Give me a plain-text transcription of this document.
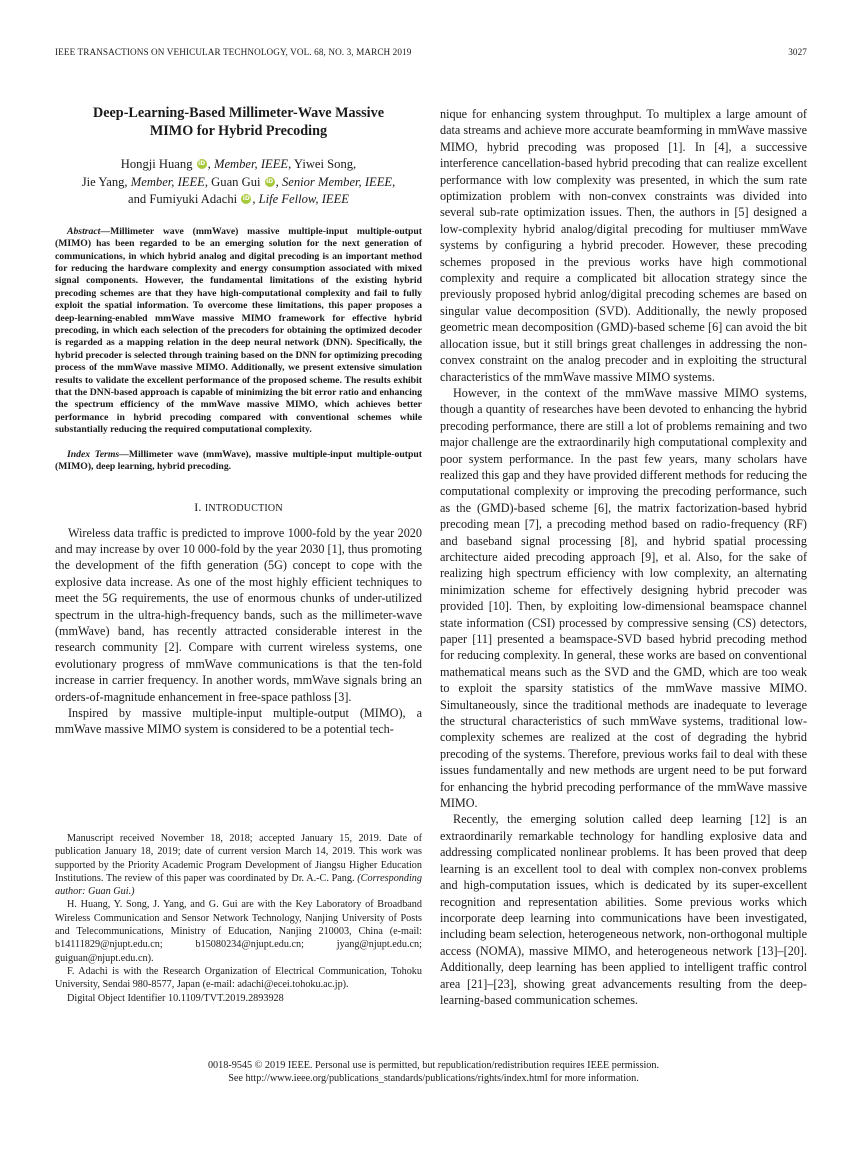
IEEE TRANSACTIONS ON VEHICULAR TECHNOLOGY, VOL. 68, NO. 3, MARCH 2019	3027
Deep-Learning-Based Millimeter-Wave Massive
MIMO for Hybrid Precoding
Hongji Huang iD , Member, IEEE, Yiwei Song,
Jie Yang, Member, IEEE, Guan Gui iD , Senior Member, IEEE,
and Fumiyuki Adachi iD , Life Fellow, IEEE

Abstract—Millimeter wave (mmWave) massive multiple-input multiple-output (MIMO) has been regarded to be an emerging solution for the next generation of communications, in which hybrid analog and digital precoding is an important method for reducing the hardware complexity and energy consumption associated with mixed signal components. However, the fundamental limitations of the existing hybrid precoding schemes are that they have high-computational complexity and fail to fully exploit the spatial information. To overcome these limitations, this paper proposes a deep-learning-enabled mmWave massive MIMO framework for effective hybrid precoding, in which each selection of the precoders for obtaining the optimized decoder is regarded as a mapping relation in the deep neural network (DNN). Specifically, the hybrid precoder is selected through training based on the DNN for optimizing precoding process of the mmWave massive MIMO. Additionally, we present extensive simulation results to validate the excellent performance of the proposed scheme. The results exhibit that the DNN-based approach is capable of minimizing the bit error ratio and enhancing the spectrum efficiency of the mmWave massive MIMO, which achieves better performance in hybrid precoding compared with conventional schemes while substantially reducing the required computational complexity.

Index Terms—Millimeter wave (mmWave), massive multiple-input multiple-output (MIMO), deep learning, hybrid precoding.

I. INTRODUCTION

Wireless data traffic is predicted to improve 1000-fold by the year 2020 and may increase by over 10 000-fold by the year 2030 [1], thus promoting the development of the fifth generation (5G) concept to cope with the explosive data increase. As one of the most highly efficient techniques to meet the 5G requirements, the use of enormous chunks of under-utilized spectrum in the ultra-high-frequency bands, such as the millimeter-wave (mmWave) band, has recently attracted considerable interest in the research community [2]. Compare with current wireless systems, one evolutionary progress of mmWave communications is that the ten-fold increase in carrier frequency. In another words, mmWave signals bring an orders-of-magnitude enhancement in free-space pathloss [3].

Inspired by massive multiple-input multiple-output (MIMO), a mmWave massive MIMO system is considered to be a potential tech-

Manuscript received November 18, 2018; accepted January 15, 2019. Date of publication January 18, 2019; date of current version March 14, 2019. This work was supported by the Priority Academic Program Development of Jiangsu Higher Education Institutions. The review of this paper was coordinated by Dr. A.-C. Pang. (Corresponding author: Guan Gui.)

H. Huang, Y. Song, J. Yang, and G. Gui are with the Key Laboratory of Broadband Wireless Communication and Sensor Network Technology, Nanjing University of Posts and Telecommunications, Ministry of Education, Nanjing 210003, China (e-mail: b14111829@njupt.edu.cn; b15080234@njupt.edu.cn; jyang@njupt.edu.cn; guiguan@njupt.edu.cn).

F. Adachi is with the Research Organization of Electrical Communication, Tohoku University, Sendai 980-8577, Japan (e-mail: adachi@ecei.tohoku.ac.jp).

Digital Object Identifier 10.1109/TVT.2019.2893928

nique for enhancing system throughput. To multiplex a large amount of data streams and achieve more accurate beamforming in mmWave massive MIMO, hybrid precoding was proposed [1]. In [4], a successive interference cancellation-based hybrid precoding that can realize excellent performance with low complexity was presented, in which the sum rate optimization problem with non-convex constraints was divided into several sub-rate optimization issues. Then, the authors in [5] designed a low-complexity hybrid analog/digital precoding for multiuser mmWave systems by configuring a hybrid precoder. However, these precoding schemes proposed in the previous works have high commotional complexity and require a complicated bit allocation strategy since the previously proposed hybrid anlog/digital precoding schemes are based on singular value decomposition (SVD). Additionally, the newly proposed geometric mean decomposition (GMD)-based scheme [6] can avoid the bit allocation issue, but it still brings great challenges in addressing the non-convex constraint on the analog precoder and in exploiting the structural characteristics of the mmWave massive MIMO systems.

However, in the context of the mmWave massive MIMO systems, though a quantity of researches have been devoted to enhancing the hybrid precoding performance, there are still a lot of problems remaining and two major challenge are the extraordinarily high computational complexity and poor system performance. In the past few years, many scholars have realized this gap and they have provided different methods for reducing the computational complexity or improving the precoding performance, such as the (GMD)-based scheme [6], the matrix factorization-based hybrid precoding mean [7], a precoding method based on radio-frequency (RF) and baseband signal processing [8], and hybrid spatial processing architecture aided precoding approach [9], et al. Also, for the sake of realizing high spectrum efficiency with low complexity, an alternating minimization scheme for effectively designing hybrid precoder was provided [10]. Then, by exploiting low-dimensional beamspace channel state information (CSI) processed by compressive sensing (CS) detectors, paper [11] presented a beamspace-SVD based hybrid precoding method for reducing complexity. In general, these works are based on conventional mathematical means such as the SVD and the GMD, which are too weak to exploit the sparsity statistics of the mmWave massive MIMO. Simultaneously, since the traditional methods are inadequate to leverage the structural characteristics of such mmWave systems, traditional low-complexity schemes are realized at the cost of degrading the hybrid precoding of the systems. Therefore, previous works fail to deal with these issues fundamentally and new methods are urgent need to be put forward for enhancing the hybrid precoding performance of the mmWave massive MIMO.

Recently, the emerging solution called deep learning [12] is an extraordinarily remarkable technology for handling explosive data and addressing complicated nonlinear problems. It has been proved that deep learning is an excellent tool to deal with complex non-convex problems and high-computation issues, which is dedicated by its super-excellent recognition and representation abilities. Some previous works which incorporate deep learning into communications have been investigated, including beam selection, heterogeneous network, non-orthogonal multiple access (NOMA), massive MIMO, and heterogeneous network [13]–[20]. Additionally, deep learning has been applied to intelligent traffic control area [21]–[23], showing great advancements resulting from the deep-learning-based communication schemes.

0018-9545 © 2019 IEEE. Personal use is permitted, but republication/redistribution requires IEEE permission.
See http://www.ieee.org/publications_standards/publications/rights/index.html for more information.
